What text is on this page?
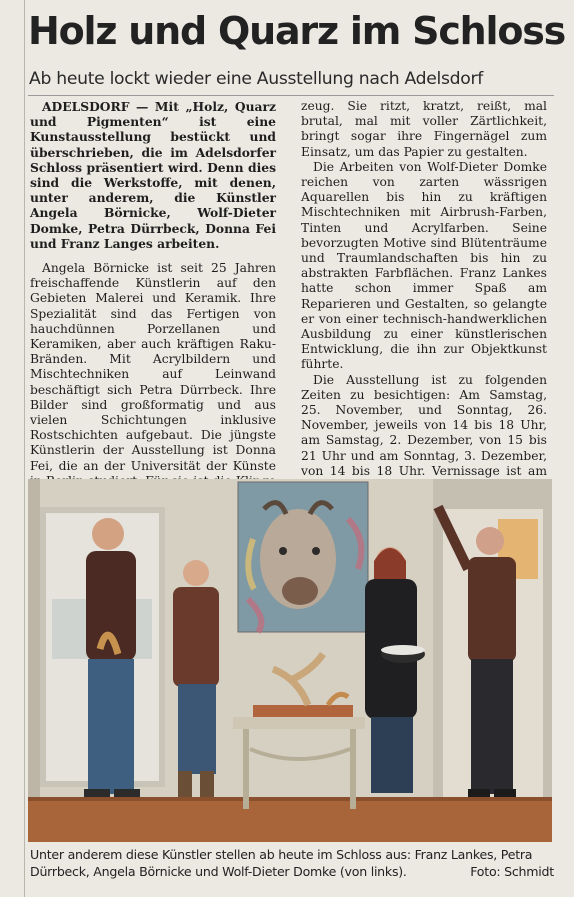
Holz und Quarz im Schloss
Ab heute lockt wieder eine Ausstellung nach Adelsdorf

ADELSDORF — Mit „Holz, Quarz und Pigmenten“ ist eine Kunstausstellung bestückt und überschrieben, die im Adelsdorfer Schloss präsentiert wird. Denn dies sind die Werkstoffe, mit denen, unter anderem, die Künstler Angela Börnicke, Wolf-Dieter Domke, Petra Dürrbeck, Donna Fei und Franz Langes arbeiten.

Angela Börnicke ist seit 25 Jahren freischaffende Künstlerin auf den Gebieten Malerei und Keramik. Ihre Spezialität sind das Fertigen von hauchdünnen Porzellanen und Keramiken, aber auch kräftigen Raku-Bränden. Mit Acrylbildern und Mischtechniken auf Leinwand beschäftigt sich Petra Dürrbeck. Ihre Bilder sind großformatig und aus vielen Schichtungen inklusive Rostschichten aufgebaut. Die jüngste Künstlerin der Ausstellung ist Donna Fei, die an der Universität der Künste

zeug. Sie ritzt, kratzt, reißt, mal brutal, mal mit voller Zärtlichkeit, bringt sogar ihre Fingernägel zum Einsatz, um das Papier zu gestalten.

Die Arbeiten von Wolf-Dieter Domke reichen von zarten wässrigen Aquarellen bis hin zu kräftigen Mischtechniken mit Airbrush-Farben, Tinten und Acrylfarben. Seine bevorzugten Motive sind Blütenträume und Traumlandschaften bis hin zu abstrakten Farbflächen. Franz Lankes hatte schon immer Spaß am Reparieren und Gestalten, so gelangte er von einer technisch-handwerklichen Ausbildung zu einer künstlerischen Entwicklung, die ihn zur Objektkunst führte.

Die Ausstellung ist zu folgenden Zeiten zu besichtigen: Am Samstag, 25. November, und Sonntag, 26. November, jeweils von 14 bis 18 Uhr, am Samstag, 2. Dezember, von 15 bis 21 Uhr und am Sonntag, 3. Dezember, von 14 bis 18 Uhr. Vernissage ist am

Unter anderem diese Künstler stellen ab heute im Schloss aus: Franz Lankes, Petra Dürrbeck, Angela Börnicke und Wolf-Dieter Domke (von links).	Foto: Schmidt
